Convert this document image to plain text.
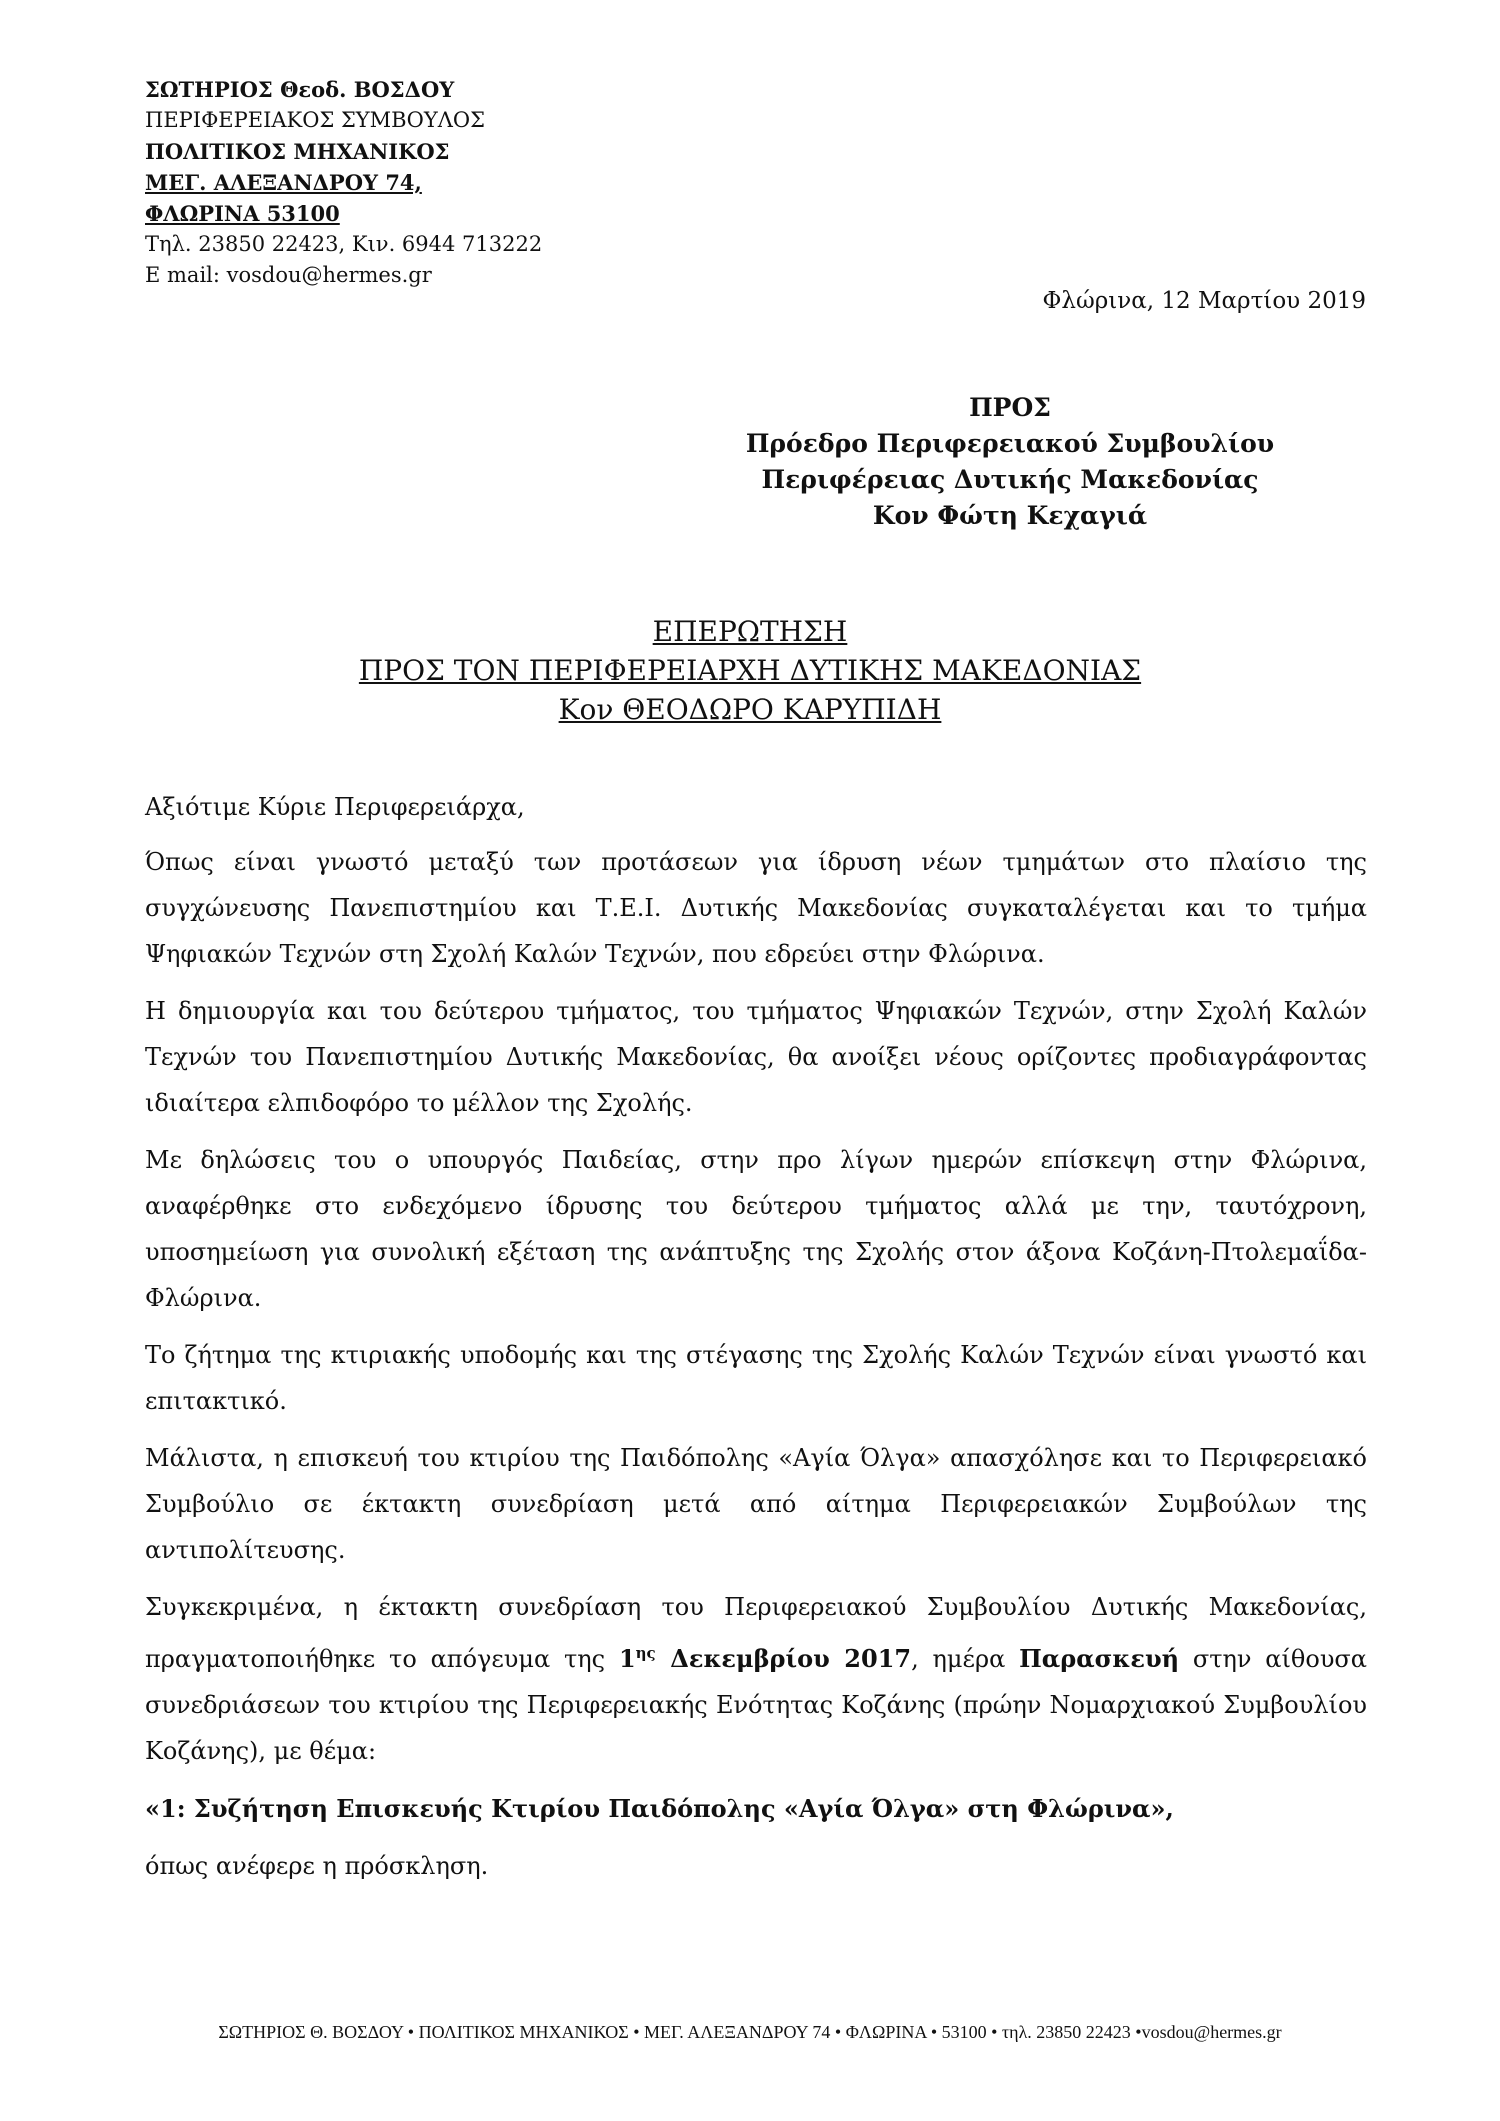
ΣΩΤΗΡΙΟΣ Θεοδ. ΒΟΣΔΟΥ
ΠΕΡΙΦΕΡΕΙΑΚΟΣ ΣΥΜΒΟΥΛΟΣ
ΠΟΛΙΤΙΚΟΣ ΜΗΧΑΝΙΚΟΣ
ΜΕΓ. ΑΛΕΞΑΝΔΡΟΥ 74,
ΦΛΩΡΙΝΑ 53100
Τηλ. 23850 22423, Κιν. 6944 713222
E mail: vosdou@hermes.gr
Φλώρινα, 12 Μαρτίου 2019
ΠΡΟΣ
Πρόεδρο Περιφερειακού Συμβουλίου
Περιφέρειας Δυτικής Μακεδονίας
Κον Φώτη Κεχαγιά
ΕΠΕΡΩΤΗΣΗ
ΠΡΟΣ ΤΟΝ ΠΕΡΙΦΕΡΕΙΑΡΧΗ ΔΥΤΙΚΗΣ ΜΑΚΕΔΟΝΙΑΣ
Κον ΘΕΟΔΩΡΟ ΚΑΡΥΠΙΔΗ
Αξιότιμε Κύριε Περιφερειάρχα,
Όπως είναι γνωστό μεταξύ των προτάσεων για ίδρυση νέων τμημάτων στο πλαίσιο της συγχώνευσης Πανεπιστημίου και Τ.Ε.Ι. Δυτικής Μακεδονίας συγκαταλέγεται και το τμήμα Ψηφιακών Τεχνών στη Σχολή Καλών Τεχνών, που εδρεύει στην Φλώρινα.
Η δημιουργία και του δεύτερου τμήματος, του τμήματος Ψηφιακών Τεχνών, στην Σχολή Καλών Τεχνών του Πανεπιστημίου Δυτικής Μακεδονίας, θα ανοίξει νέους ορίζοντες προδιαγράφοντας ιδιαίτερα ελπιδοφόρο το μέλλον της Σχολής.
Με δηλώσεις του ο υπουργός Παιδείας, στην προ λίγων ημερών επίσκεψη στην Φλώρινα, αναφέρθηκε στο ενδεχόμενο ίδρυσης του δεύτερου τμήματος αλλά με την, ταυτόχρονη, υποσημείωση για συνολική εξέταση της ανάπτυξης της Σχολής στον άξονα Κοζάνη-Πτολεμαΐδα-Φλώρινα.
Το ζήτημα της κτιριακής υποδομής και της στέγασης της Σχολής Καλών Τεχνών είναι γνωστό και επιτακτικό.
Μάλιστα, η επισκευή του κτιρίου της Παιδόπολης «Αγία Όλγα» απασχόλησε και το Περιφερειακό Συμβούλιο σε έκτακτη συνεδρίαση μετά από αίτημα Περιφερειακών Συμβούλων της αντιπολίτευσης.
Συγκεκριμένα, η έκτακτη συνεδρίαση του Περιφερειακού Συμβουλίου Δυτικής Μακεδονίας, πραγματοποιήθηκε το απόγευμα της $1^{\eta\varsigma}$ Δεκεμβρίου 2017, ημέρα Παρασκευή στην αίθουσα συνεδριάσεων του κτιρίου της Περιφερειακής Ενότητας Κοζάνης (πρώην Νομαρχιακού Συμβουλίου Κοζάνης), με θέμα:
«1: Συζήτηση Επισκευής Κτιρίου Παιδόπολης «Αγία Όλγα» στη Φλώρινα»,
όπως ανέφερε η πρόσκληση.
ΣΩΤΗΡΙΟΣ Θ. ΒΟΣΔΟΥ • ΠΟΛΙΤΙΚΟΣ ΜΗΧΑΝΙΚΟΣ • ΜΕΓ. ΑΛΕΞΑΝΔΡΟΥ 74 • ΦΛΩΡΙΝΑ • 53100 • τηλ. 23850 22423 •vosdou@hermes.gr
